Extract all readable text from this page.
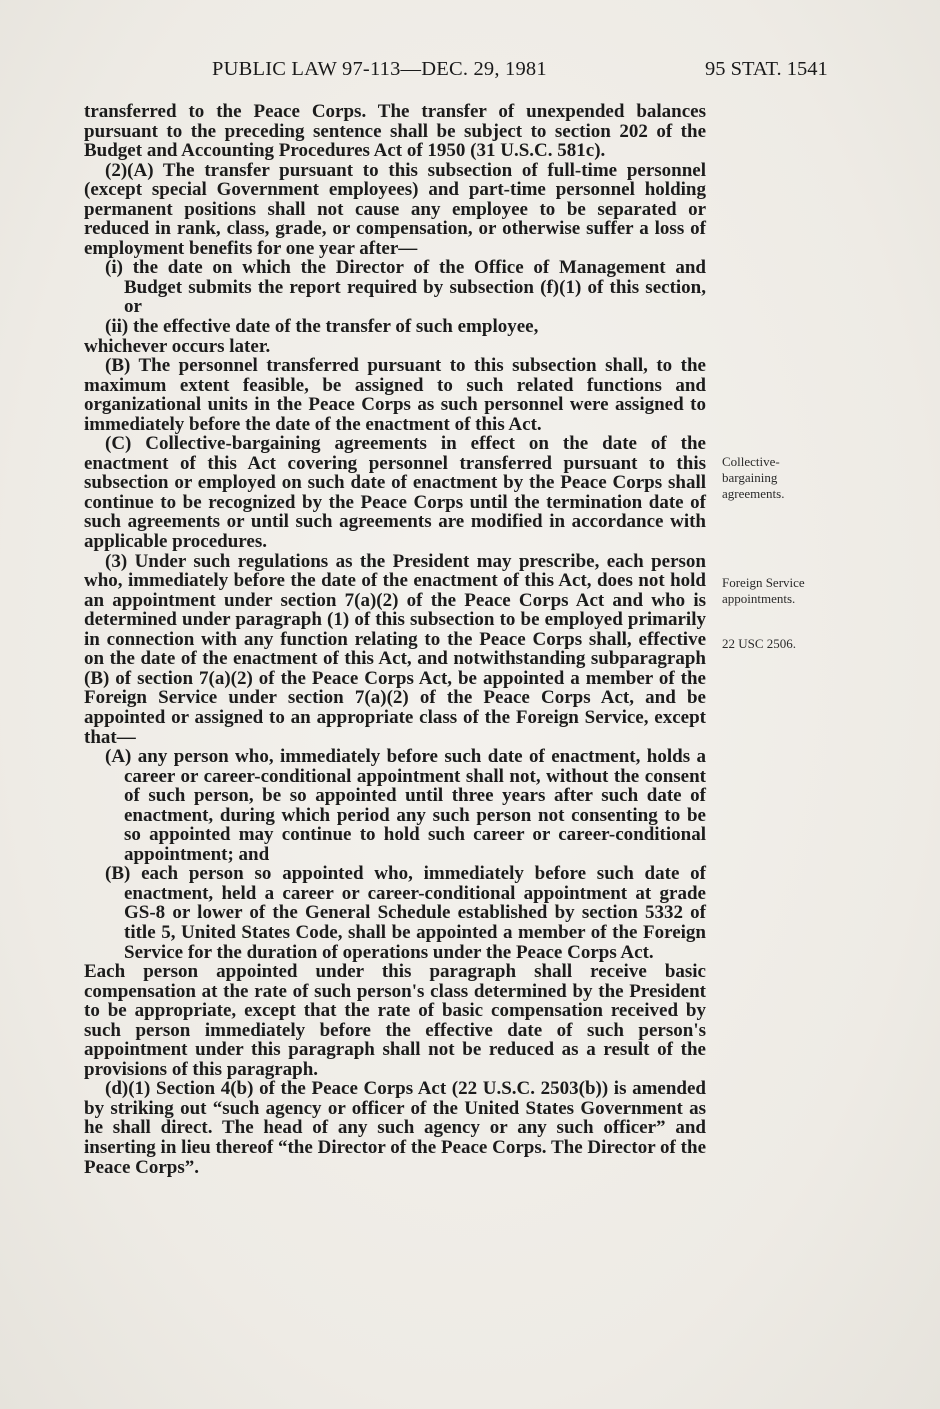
PUBLIC LAW 97-113—DEC. 29, 1981	95 STAT. 1541

transferred to the Peace Corps. The transfer of unexpended balances pursuant to the preceding sentence shall be subject to section 202 of the Budget and Accounting Procedures Act of 1950 (31 U.S.C. 581c).

(2)(A) The transfer pursuant to this subsection of full-time personnel (except special Government employees) and part-time personnel holding permanent positions shall not cause any employee to be separated or reduced in rank, class, grade, or compensation, or otherwise suffer a loss of employment benefits for one year after—

(i) the date on which the Director of the Office of Management and Budget submits the report required by subsection (f)(1) of this section, or

(ii) the effective date of the transfer of such employee,

whichever occurs later.

(B) The personnel transferred pursuant to this subsection shall, to the maximum extent feasible, be assigned to such related functions and organizational units in the Peace Corps as such personnel were assigned to immediately before the date of the enactment of this Act.

(C) Collective-bargaining agreements in effect on the date of the enactment of this Act covering personnel transferred pursuant to this subsection or employed on such date of enactment by the Peace Corps shall continue to be recognized by the Peace Corps until the termination date of such agreements or until such agreements are modified in accordance with applicable procedures.

(3) Under such regulations as the President may prescribe, each person who, immediately before the date of the enactment of this Act, does not hold an appointment under section 7(a)(2) of the Peace Corps Act and who is determined under paragraph (1) of this subsection to be employed primarily in connection with any function relating to the Peace Corps shall, effective on the date of the enactment of this Act, and notwithstanding subparagraph (B) of section 7(a)(2) of the Peace Corps Act, be appointed a member of the Foreign Service under section 7(a)(2) of the Peace Corps Act, and be appointed or assigned to an appropriate class of the Foreign Service, except that—

(A) any person who, immediately before such date of enactment, holds a career or career-conditional appointment shall not, without the consent of such person, be so appointed until three years after such date of enactment, during which period any such person not consenting to be so appointed may continue to hold such career or career-conditional appointment; and

(B) each person so appointed who, immediately before such date of enactment, held a career or career-conditional appointment at grade GS-8 or lower of the General Schedule established by section 5332 of title 5, United States Code, shall be appointed a member of the Foreign Service for the duration of operations under the Peace Corps Act.

Each person appointed under this paragraph shall receive basic compensation at the rate of such person's class determined by the President to be appropriate, except that the rate of basic compensation received by such person immediately before the effective date of such person's appointment under this paragraph shall not be reduced as a result of the provisions of this paragraph.

(d)(1) Section 4(b) of the Peace Corps Act (22 U.S.C. 2503(b)) is amended by striking out “such agency or officer of the United States Government as he shall direct. The head of any such agency or any such officer” and inserting in lieu thereof “the Director of the Peace Corps. The Director of the Peace Corps”.

Collective-
bargaining
agreements.
Foreign Service
appointments.
22 USC 2506.
